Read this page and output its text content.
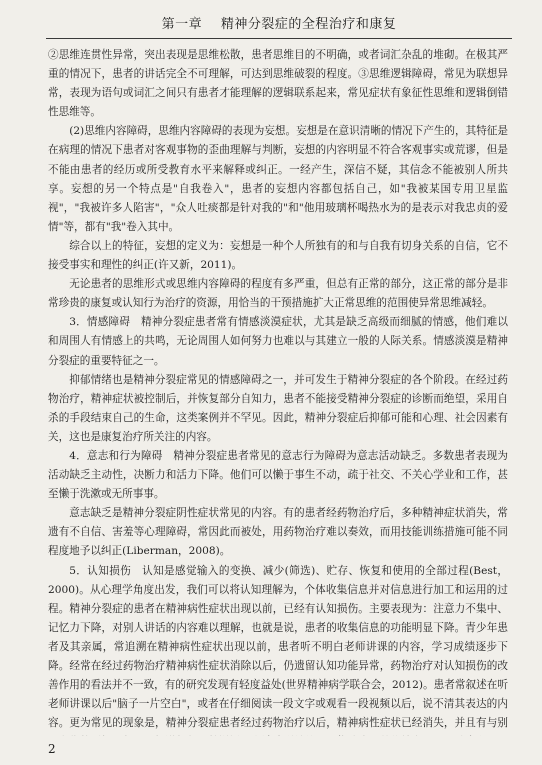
第一章 精神分裂症的全程治疗和康复

②思维连贯性异常，突出表现是思维松散，患者思维目的不明确，或者词汇杂乱的堆砌。在极其严重的情况下，患者的讲话完全不可理解，可达到思维破裂的程度。③思维逻辑障碍，常见为联想异常，表现为语句或词汇之间只有患者才能理解的逻辑联系起来，常见症状有象征性思维和逻辑倒错性思维等。

(2)思维内容障碍，思维内容障碍的表现为妄想。妄想是在意识清晰的情况下产生的，其特征是在病理的情况下患者对客观事物的歪曲理解与判断，妄想的内容明显不符合客观事实或荒谬，但是不能由患者的经历或所受教育水平来解释或纠正。一经产生，深信不疑，其信念不能被别人所共享。妄想的另一个特点是"自我卷入"，患者的妄想内容都包括自己，如"我被某国专用卫星监视"，"我被许多人陷害"，"众人吐痰都是针对我的"和"他用玻璃杯喝热水为的是表示对我忠贞的爱情"等，都有"我"卷入其中。

综合以上的特征，妄想的定义为：妄想是一种个人所独有的和与自我有切身关系的自信，它不接受事实和理性的纠正(许又新，2011)。

无论患者的思维形式或思维内容障碍的程度有多严重，但总有正常的部分，这正常的部分是非常珍贵的康复或认知行为治疗的资源，用恰当的干预措施扩大正常思维的范围使异常思维减轻。

3．情感障碍　精神分裂症患者常有情感淡漠症状，尤其是缺乏高级而细腻的情感，他们难以和周围人有情感上的共鸣，无论周围人如何努力也难以与其建立一般的人际关系。情感淡漠是精神分裂症的重要特征之一。

抑郁情绪也是精神分裂症常见的情感障碍之一，并可发生于精神分裂症的各个阶段。在经过药物治疗，精神症状被控制后，并恢复部分自知力，患者不能接受精神分裂症的诊断而绝望，采用自杀的手段结束自己的生命，这类案例并不罕见。因此，精神分裂症后抑郁可能和心理、社会因素有关，这也是康复治疗所关注的内容。

4．意志和行为障碍　精神分裂症患者常见的意志行为障碍为意志活动缺乏。多数患者表现为活动缺乏主动性，决断力和活力下降。他们可以懒于事生不动，疏于社交、不关心学业和工作，甚至懒于洗漱或无所事事。

意志缺乏是精神分裂症阴性症状常见的内容。有的患者经药物治疗后，多种精神症状消失，常遗有不自信、害羞等心理障碍，常因此而被处，用药物治疗难以奏效，而用技能训练措施可能不同程度地予以纠正(Liberman，2008)。

5．认知损伤　认知是感觉输入的变换、减少(筛选)、贮存、恢复和使用的全部过程(Best，2000)。从心理学角度出发，我们可以将认知理解为，个体收集信息并对信息进行加工和运用的过程。精神分裂症的患者在精神病性症状出现以前，已经有认知损伤。主要表现为：注意力不集中、记忆力下降，对别人讲话的内容难以理解，也就是说，患者的收集信息的功能明显下降。青少年患者及其亲属，常追溯在精神病性症状出现以前，患者听不明白老师讲课的内容，学习成绩逐步下降。经常在经过药物治疗精神病性症状消除以后，仍遗留认知功能异常，药物治疗对认知损伤的改善作用的看法并不一致，有的研究发现有轻度益处(世界精神病学联合会，2012)。患者常叙述在听老师讲课以后"脑子一片空白"，或者在仔细阅读一段文字或观看一段视频以后，说不清其表达的内容。更为常见的现象是，精神分裂症患者经过药物治疗以后，精神病性症状已经消失，并且有与别

2
